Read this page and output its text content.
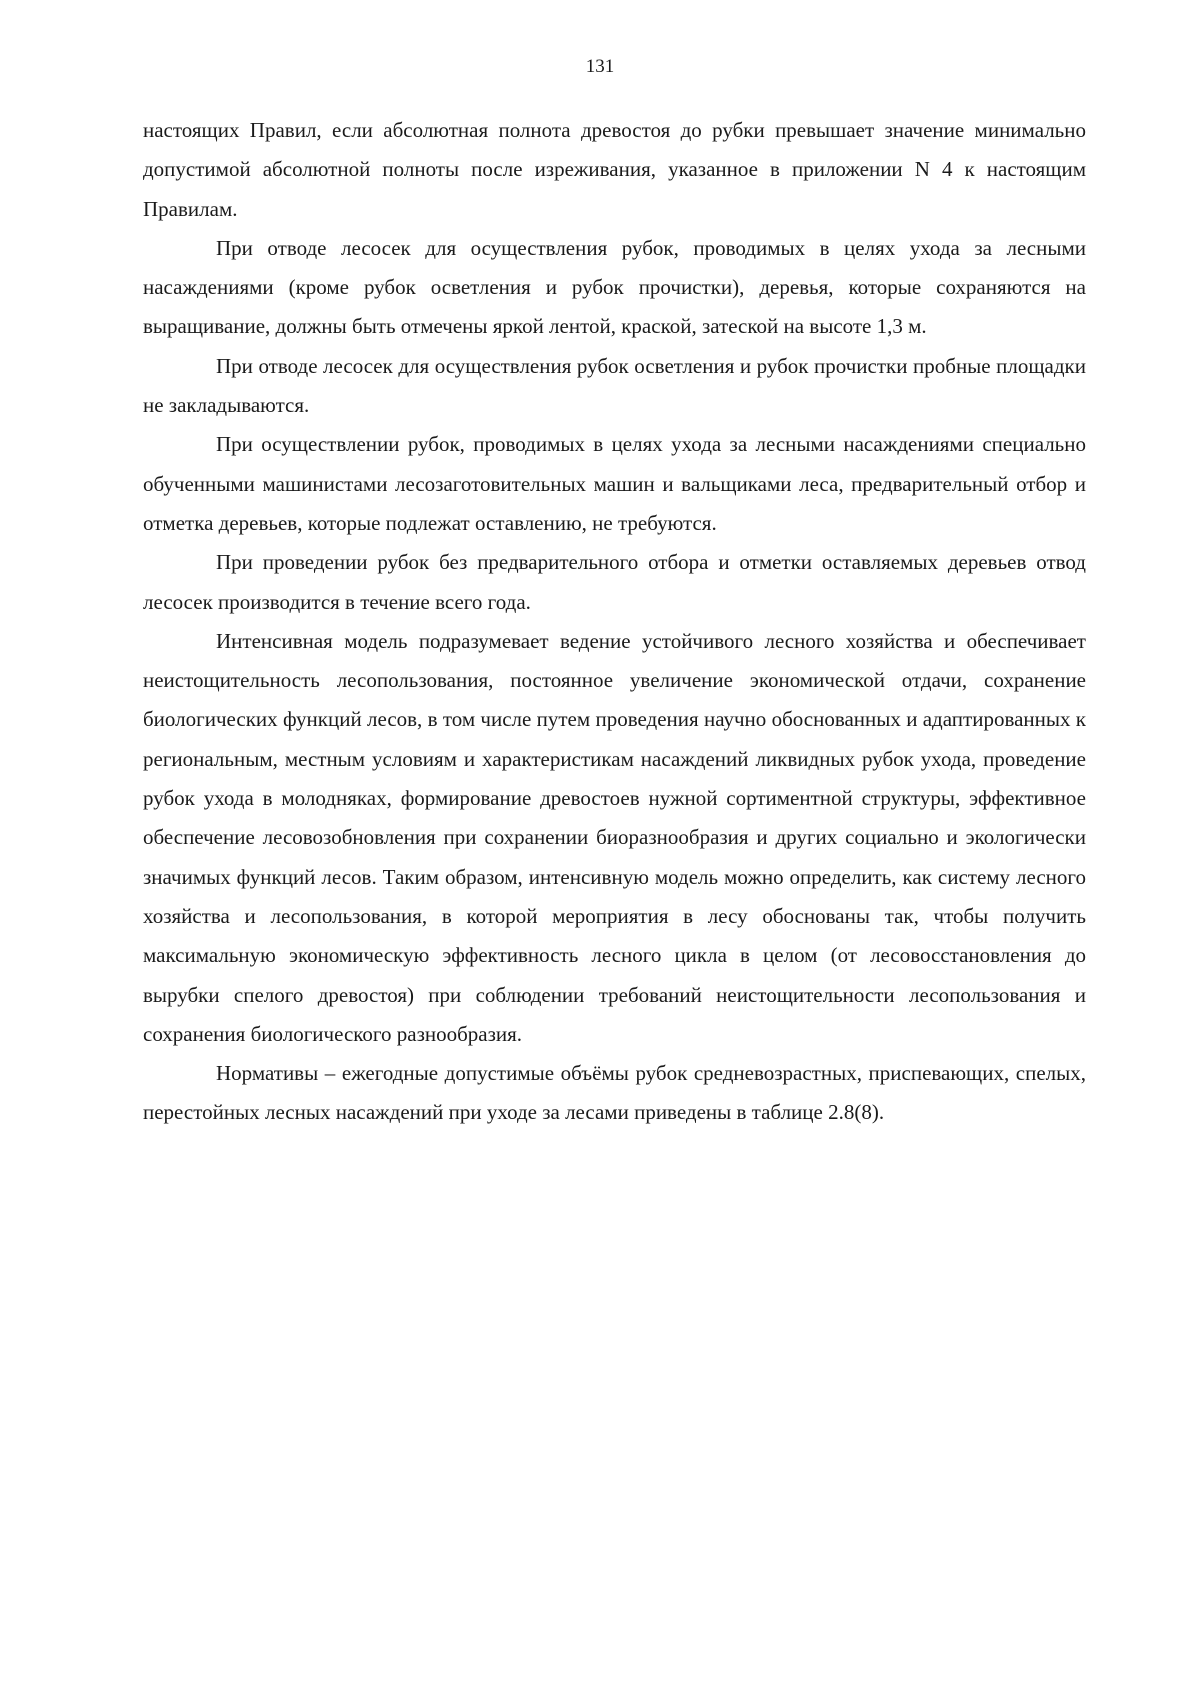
131

настоящих Правил, если абсолютная полнота древостоя до рубки превышает значение минимально допустимой абсолютной полноты после изреживания, указанное в приложении N 4 к настоящим Правилам.

При отводе лесосек для осуществления рубок, проводимых в целях ухода за лесными насаждениями (кроме рубок осветления и рубок прочистки), деревья, которые сохраняются на выращивание, должны быть отмечены яркой лентой, краской, затеской на высоте 1,3 м.

При отводе лесосек для осуществления рубок осветления и рубок прочистки пробные площадки не закладываются.

При осуществлении рубок, проводимых в целях ухода за лесными насаждениями специально обученными машинистами лесозаготовительных машин и вальщиками леса, предварительный отбор и отметка деревьев, которые подлежат оставлению, не требуются.

При проведении рубок без предварительного отбора и отметки оставляемых деревьев отвод лесосек производится в течение всего года.

Интенсивная модель подразумевает ведение устойчивого лесного хозяйства и обеспечивает неистощительность лесопользования, постоянное увеличение экономической отдачи, сохранение биологических функций лесов, в том числе путем проведения научно обоснованных и адаптированных к региональным, местным условиям и характеристикам насаждений ликвидных рубок ухода, проведение рубок ухода в молодняках, формирование древостоев нужной сортиментной структуры, эффективное обеспечение лесовозобновления при сохранении биоразнообразия и других социально и экологически значимых функций лесов. Таким образом, интенсивную модель можно определить, как систему лесного хозяйства и лесопользования, в которой мероприятия в лесу обоснованы так, чтобы получить максимальную экономическую эффективность лесного цикла в целом (от лесовосстановления до вырубки спелого древостоя) при соблюдении требований неистощительности лесопользования и сохранения биологического разнообразия.

Нормативы – ежегодные допустимые объёмы рубок средневозрастных, приспевающих, спелых, перестойных лесных насаждений при уходе за лесами приведены в таблице 2.8(8).
